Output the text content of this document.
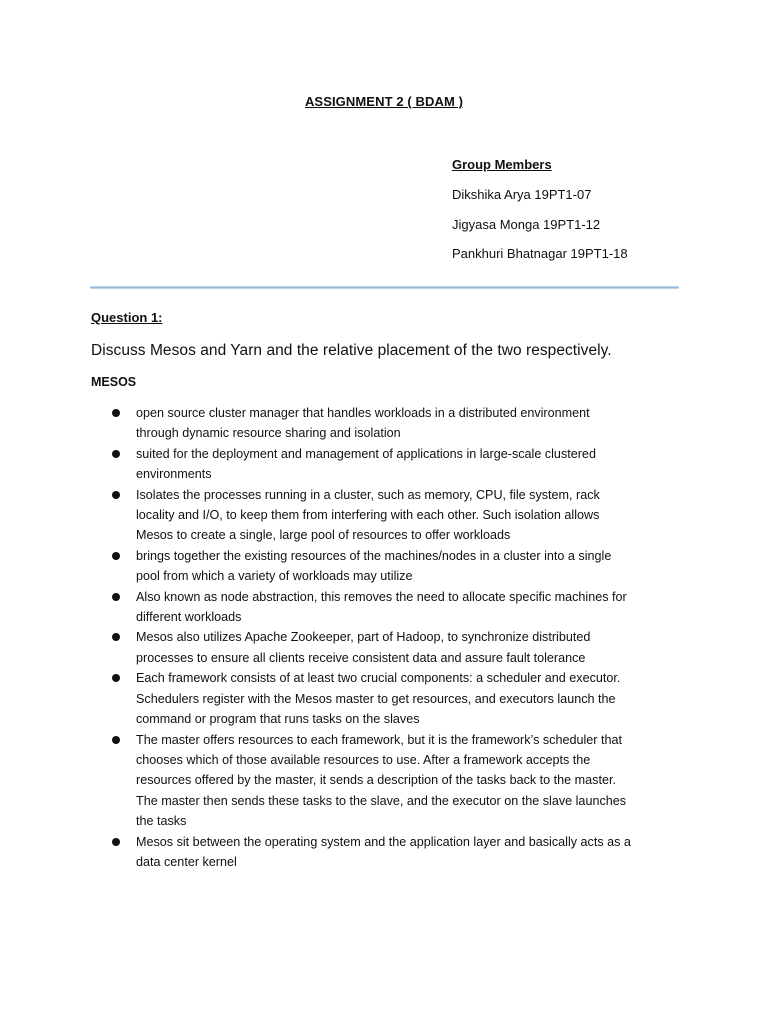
ASSIGNMENT 2 ( BDAM )
Group Members
Dikshika Arya 19PT1-07
Jigyasa Monga 19PT1-12
Pankhuri Bhatnagar 19PT1-18
Question 1:
Discuss Mesos and Yarn and the relative placement of the two respectively.
MESOS
open source cluster manager that handles workloads in a distributed environment
through dynamic resource sharing and isolation
suited for the deployment and management of applications in large-scale clustered
environments
Isolates the processes running in a cluster, such as memory, CPU, file system, rack
locality and I/O, to keep them from interfering with each other. Such isolation allows
Mesos to create a single, large pool of resources to offer workloads
brings together the existing resources of the machines/nodes in a cluster into a single
pool from which a variety of workloads may utilize
Also known as node abstraction, this removes the need to allocate specific machines for
different workloads
Mesos also utilizes Apache Zookeeper, part of Hadoop, to synchronize distributed
processes to ensure all clients receive consistent data and assure fault tolerance
Each framework consists of at least two crucial components: a scheduler and executor.
Schedulers register with the Mesos master to get resources, and executors launch the
command or program that runs tasks on the slaves
The master offers resources to each framework, but it is the framework’s scheduler that
chooses which of those available resources to use. After a framework accepts the
resources offered by the master, it sends a description of the tasks back to the master.
The master then sends these tasks to the slave, and the executor on the slave launches
the tasks
Mesos sit between the operating system and the application layer and basically acts as a
data center kernel
